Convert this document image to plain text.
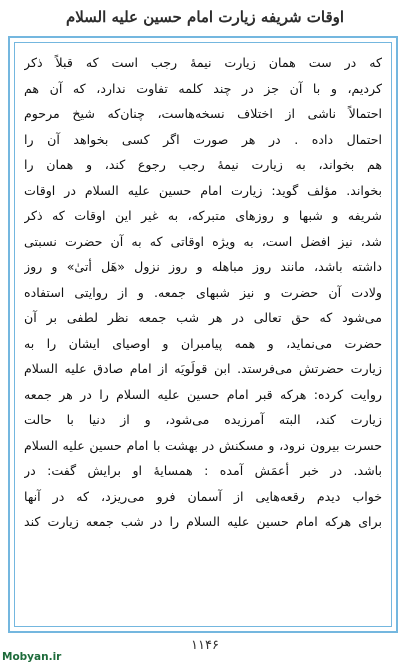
اوقات شریفه زیارت امام حسین علیه السلام
كه در ست همان زيارت نيمهٔ رجب است كه قبلاً ذكر
كرديم، و با آن جز در چند كلمه تفاوت ندارد، كه آن هم
احتمالاً ناشی از اختلاف نسخه‌هاست، چنان‌كه شيخ مرحوم
احتمال داده . در هر صورت اگر كسی بخواهد آن را
هم بخواند، به زيارت نيمهٔ رجب رجوع كند، و همان را
بخواند. مؤلف گويد: زيارت امام حسين عليه السلام در اوقات
شريفه و شبها و روزهای متبركه، به غير اين اوقات كه ذكر
شد، نيز افضل است، به ويژه اوقاتی كه به آن حضرت نسبتی
داشته باشد، مانند روز مباهله و روز نزول «هَل أتیٰ» و روز
ولادت آن حضرت و نيز شبهای جمعه. و از روايتی استفاده
می‌شود كه حق تعالی در هر شب جمعه نظر لطفی بر آن
حضرت می‌نمايد، و همه پيامبران و اوصيای ايشان را به
زيارت حضرتش می‌فرستد. ابن قولَويَه از امام صادق عليه السلام
روايت كرده: هركه قبر امام حسين عليه السلام را در هر جمعه
زيارت كند، البته آمرزيده می‌شود، و از دنيا با حالت
حسرت بيرون نرود، و مسكنش در بهشت با امام حسين عليه السلام
باشد. در خبر أعمَش آمده : همسايهٔ او برايش گفت: در
خواب ديدم رقعه‌هايی از آسمان فرو می‌ريزد، كه در آنها
برای هركه امام حسين عليه السلام را در شب جمعه زيارت كند
۱۱۴۶
Mobyan.ir
